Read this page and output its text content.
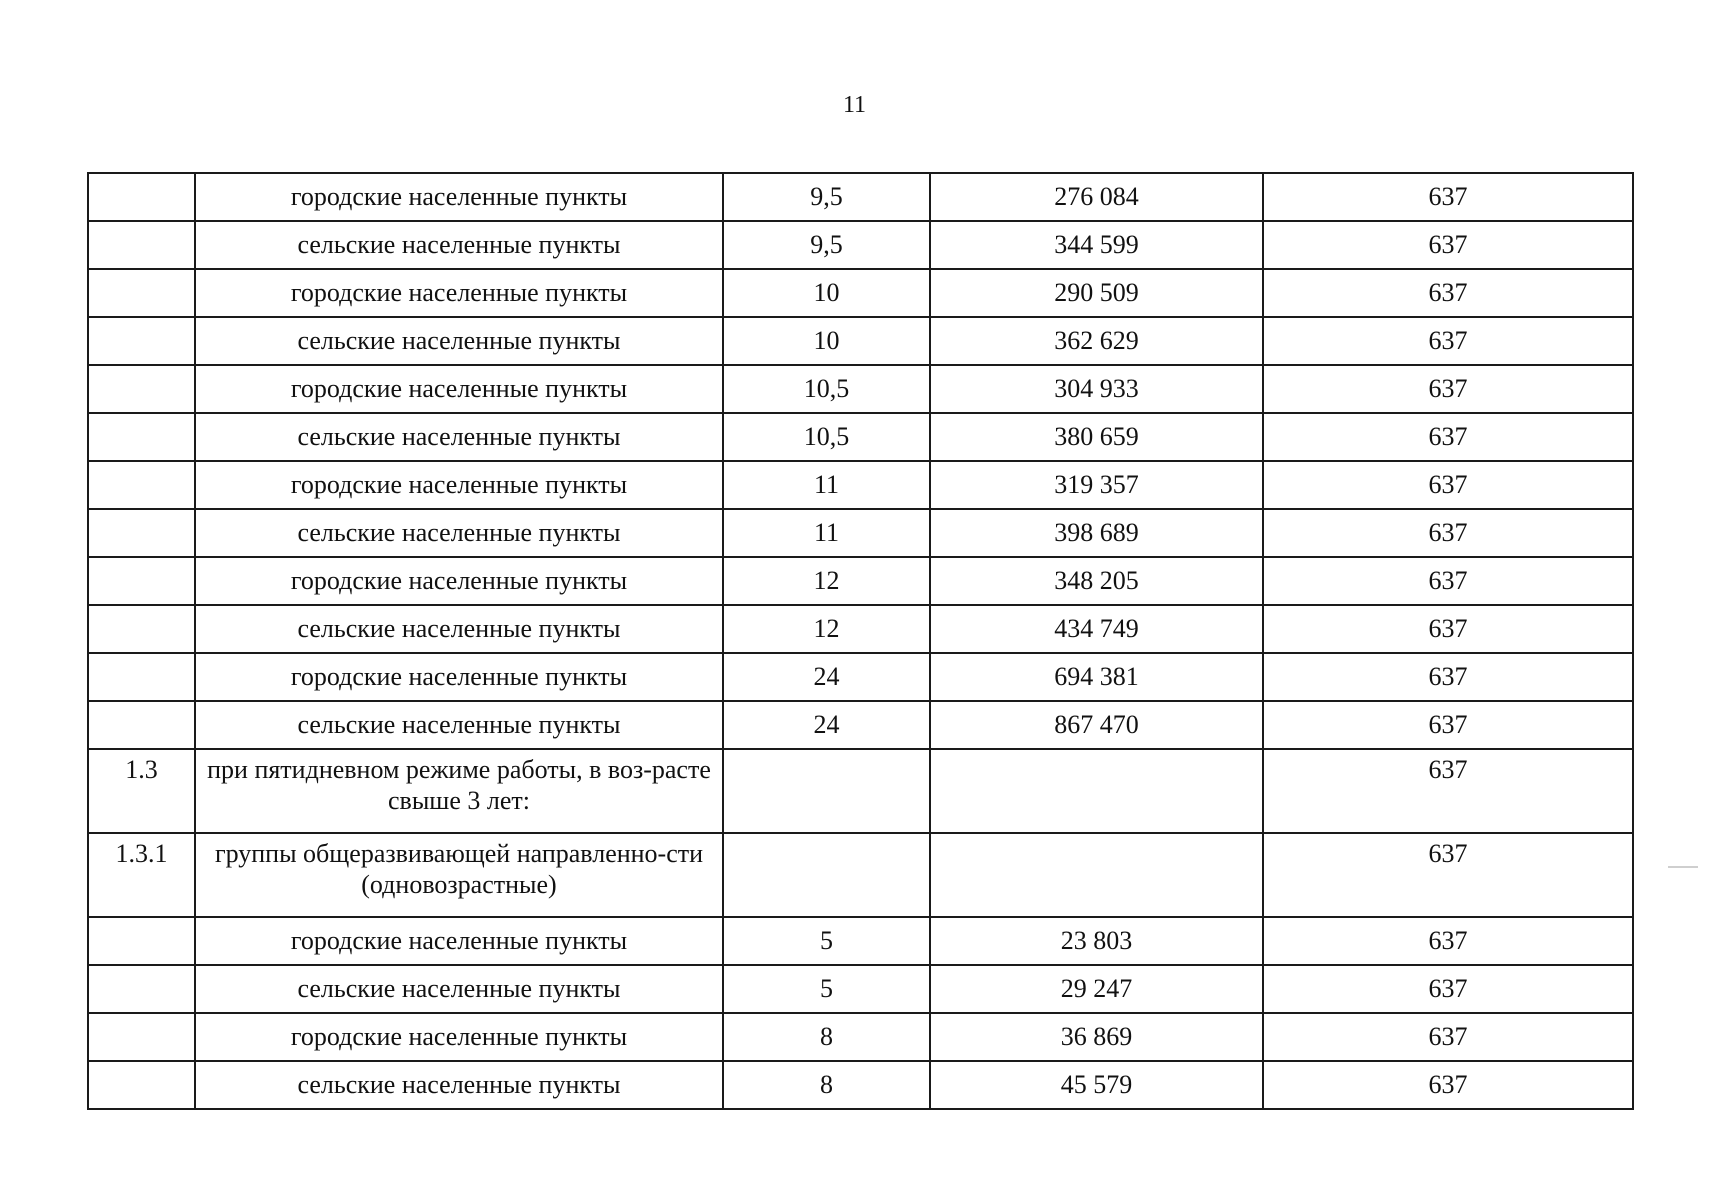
11
	городские населенные пункты	9,5	276 084	637
	сельские населенные пункты	9,5	344 599	637
	городские населенные пункты	10	290 509	637
	сельские населенные пункты	10	362 629	637
	городские населенные пункты	10,5	304 933	637
	сельские населенные пункты	10,5	380 659	637
	городские населенные пункты	11	319 357	637
	сельские населенные пункты	11	398 689	637
	городские населенные пункты	12	348 205	637
	сельские населенные пункты	12	434 749	637
	городские населенные пункты	24	694 381	637
	сельские населенные пункты	24	867 470	637
1.3	при пятидневном режиме работы, в воз-раcте свыше 3 лет:			637
1.3.1	группы общеразвивающей направленно-сти (одновозрастные)			637
	городские населенные пункты	5	23 803	637
	сельские населенные пункты	5	29 247	637
	городские населенные пункты	8	36 869	637
	сельские населенные пункты	8	45 579	637
